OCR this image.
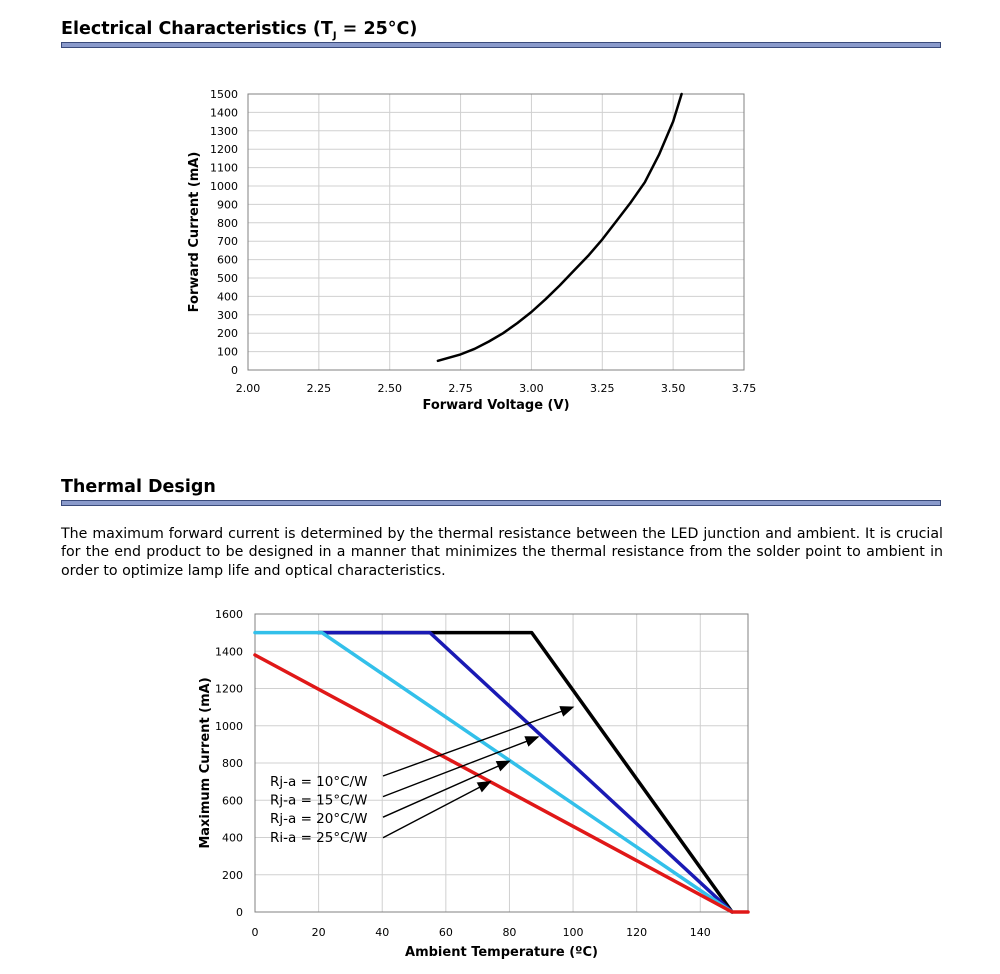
Electrical Characteristics $(T_J = 25^\circ C)$
0
100
200
300
400
500
600
700
800
900
1000
1100
1200
1300
1400
1500
2.00	2.25	2.50	2.75	3.00	3.25	3.50	3.75
Forward Voltage (V)
Forward Current (mA)
Thermal Design

The maximum forward current is determined by the thermal resistance between the LED junction and ambient. It is crucial for the end product to be designed in a manner that minimizes the thermal resistance from the solder point to ambient in order to optimize lamp life and optical characteristics.

0
200
400
600
800
1000
1200
1400
1600
0	20	40	60	80	100	120	140
Ambient Temperature (ºC)
Maximum Current (mA)	Rj-a = 10°C/W
Rj-a = 15°C/W
Rj-a = 20°C/W
Ri-a = 25°C/W
